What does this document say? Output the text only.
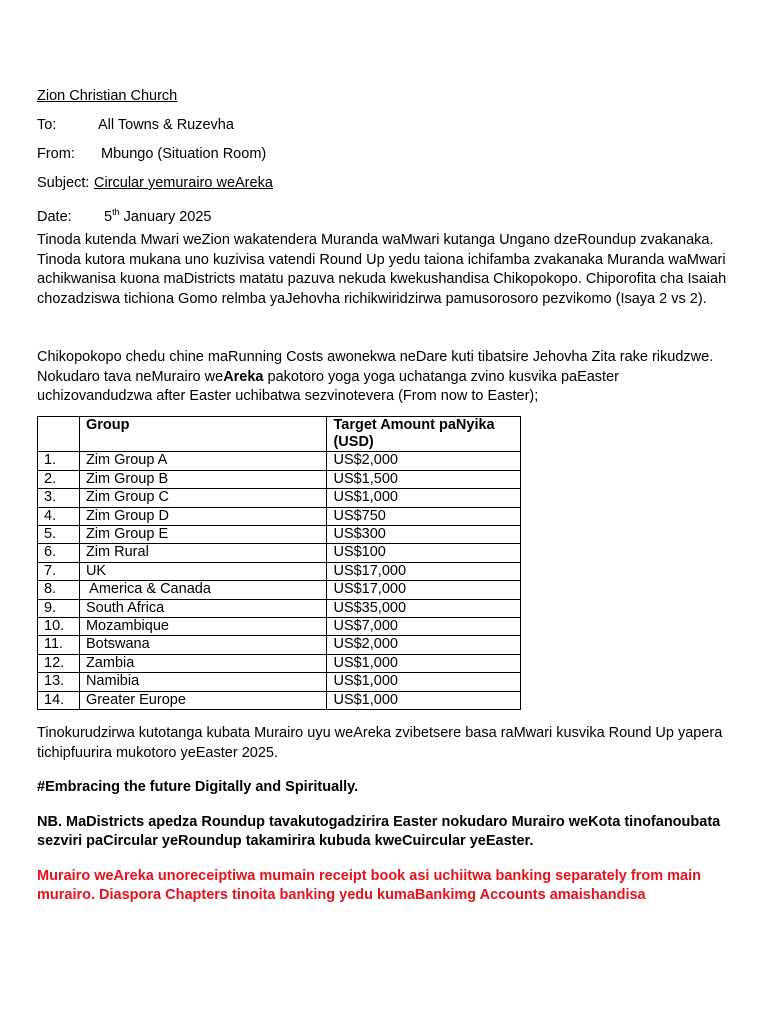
Zion Christian Church
To:	All Towns & Ruzevha
From: Mbungo (Situation Room)
Subject: Circular yemurairo weAreka
Date: 5th January 2025

Tinoda kutenda Mwari weZion wakatendera Muranda waMwari kutanga Ungano dzeRoundup zvakanaka. Tinoda kutora mukana uno kuzivisa vatendi Round Up yedu taiona ichifamba zvakanaka Muranda waMwari achikwanisa kuona maDistricts matatu pazuva nekuda kwekushandisa Chikopokopo. Chiporofita cha Isaiah chozadziswa tichiona Gomo relmba yaJehovha richikwiridzirwa pamusorosoro pezvikomo (Isaya 2 vs 2).

Chikopokopo chedu chine maRunning Costs awonekwa neDare kuti tibatsire Jehovha Zita rake rikudzwe. Nokudaro tava neMurairo weAreka pakotoro yoga yoga uchatanga zvino kusvika paEaster uchizovandudzwa after Easter uchibatwa sezvinotevera (From now to Easter);

	Group	Target Amount paNyika (USD)
1.	Zim Group A	US$2,000
2.	Zim Group B	US$1,500
3.	Zim Group C	US$1,000
4.	Zim Group D	US$750
5.	Zim Group E	US$300
6.	Zim Rural	US$100
7.	UK	US$17,000
8.	America & Canada	US$17,000
9.	South Africa	US$35,000
10.	Mozambique	US$7,000
11.	Botswana	US$2,000
12.	Zambia	US$1,000
13.	Namibia	US$1,000
14.	Greater Europe	US$1,000

Tinokurudzirwa kutotanga kubata Murairo uyu weAreka zvibetsere basa raMwari kusvika Round Up yapera tichipfuurira mukotoro yeEaster 2025.

#Embracing the future Digitally and Spiritually.

NB. MaDistricts apedza Roundup tavakutogadzirira Easter nokudaro Murairo weKota tinofanoubata sezviri paCircular yeRoundup takamirira kubuda kweCuircular yeEaster.

Murairo weAreka unoreceiptiwa mumain receipt book asi uchiitwa banking separately from main murairo. Diaspora Chapters tinoita banking yedu kumaBankimg Accounts amaishandisa
